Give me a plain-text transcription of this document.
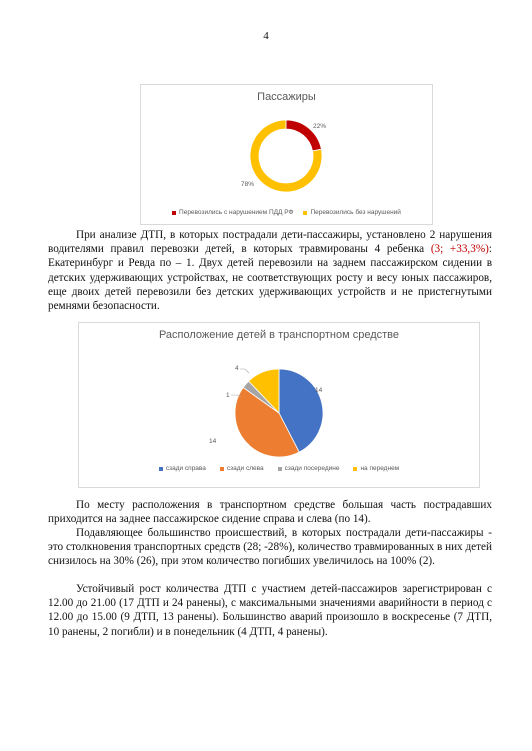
4
Пассажиры
22%
78%
Перевозились с нарушением ПДД РФ	Перевозились без нарушений

При анализе ДТП, в которых пострадали дети-пассажиры, установлено 2 нарушения водителями правил перевозки детей, в которых травмированы 4 ребенка (3; +33,3%): Екатеринбург и Ревда по – 1. Двух детей перевозили на заднем пассажирском сидении в детских удерживающих устройствах, не соответствующих росту и весу юных пассажиров, еще двоих детей перевозили без детских удерживающих устройств и не пристегнутыми ремнями безопасности.

Расположение детей в транспортном средстве
14
14
1
4
сзади справа	сзади слева	сзади посередине	на переднем

По месту расположения в транспортном средстве большая часть пострадавших приходится на заднее пассажирское сидение справа и слева (по 14).

Подавляющее большинство происшествий, в которых пострадали дети-пассажиры - это столкновения транспортных средств (28; -28%), количество травмированных в них детей снизилось на 30% (26), при этом количество погибших увеличилось на 100% (2).

Устойчивый рост количества ДТП с участием детей-пассажиров зарегистрирован с 12.00 до 21.00 (17 ДТП и 24 ранены), с максимальными значениями аварийности в период с 12.00 до 15.00 (9 ДТП, 13 ранены). Большинство аварий произошло в воскресенье (7 ДТП, 10 ранены, 2 погибли) и в понедельник (4 ДТП, 4 ранены).
